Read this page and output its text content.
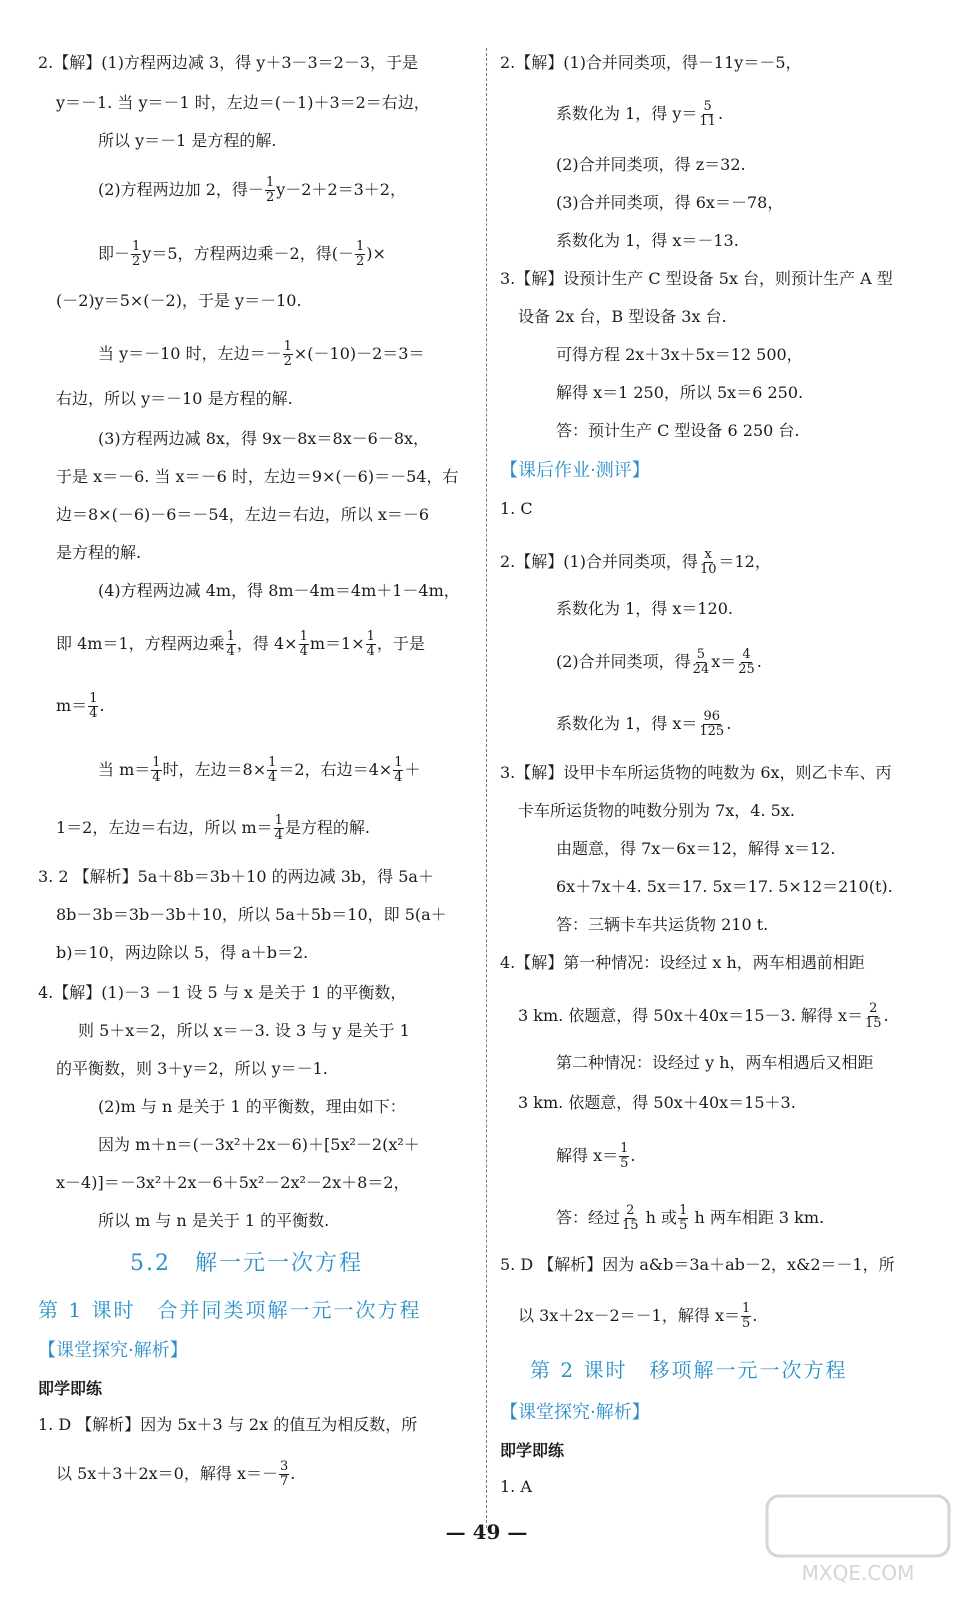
2.【解】(1)方程两边减 3，得 y＋3－3＝2－3，于是
y＝－1. 当 y＝－1 时，左边＝(－1)＋3＝2＝右边，
所以 y＝－1 是方程的解.
(2)方程两边加 2，得－ $\frac{1}{2} y-2+2=3+2$，
即－ $\frac{1}{2} y=5$，方程两边乘－2，得(－ $\frac{1}{2}$ )×
(－2)y＝5×(－2)，于是 y＝－10.
当 y＝－10 时，左边＝－ $\frac{1}{2} \times(-10)-2=3=$
右边，所以 y＝－10 是方程的解.
(3)方程两边减 8x，得 9x－8x＝8x－6－8x，
于是 x＝－6. 当 x＝－6 时，左边＝9×(－6)＝－54，右
边＝8×(－6)－6＝－54，左边＝右边，所以 x＝－6
是方程的解.
(4)方程两边减 4m，得 8m－4m＝4m＋1－4m，
即 4m＝1，方程两边乘 $\frac{1}{4}$ ，得 $4\times \frac{1}{4} m=1\times \frac{1}{4}$ ，于是
$m= \frac{1}{4}$ .
当 $m= \frac{1}{4}$ 时，左边$=8\times \frac{1}{4} =2$，右边$=4\times \frac{1}{4}$ ＋
1＝2，左边＝右边，所以 $m= \frac{1}{4}$ 是方程的解.
3. 2 【解析】5a＋8b＝3b＋10 的两边减 3b，得 5a＋
8b－3b＝3b－3b＋10，所以 5a＋5b＝10，即 5(a＋
b)＝10，两边除以 5，得 a＋b＝2.
4.【解】(1)－3 －1 设 5 与 x 是关于 1 的平衡数，
则 5＋x＝2，所以 x＝－3. 设 3 与 y 是关于 1
的平衡数，则 3＋y＝2，所以 y＝－1.
(2)m 与 n 是关于 1 的平衡数，理由如下：
因为 m＋n＝(－3x²＋2x－6)＋[5x²－2(x²＋
x－4)]＝－3x²＋2x－6＋5x²－2x²－2x＋8＝2，
所以 m 与 n 是关于 1 的平衡数.
5.2　解一元一次方程
第 1 课时　合并同类项解一元一次方程
【课堂探究·解析】
即学即练
1. D 【解析】因为 5x＋3 与 2x 的值互为相反数，所
以 5x＋3＋2x＝0，解得 $x=- \frac{3}{7}$ .
2.【解】(1)合并同类项，得－11y＝－5，
系数化为 1，得 $y= \frac{5}{11}$ .
(2)合并同类项，得 z＝32.
(3)合并同类项，得 6x＝－78，
系数化为 1，得 x＝－13.
3.【解】设预计生产 C 型设备 5x 台，则预计生产 A 型
设备 2x 台，B 型设备 3x 台.
可得方程 2x＋3x＋5x＝12 500，
解得 x＝1 250，所以 5x＝6 250.
答：预计生产 C 型设备 6 250 台.
【课后作业·测评】
1. C
2.【解】(1)合并同类项，得 $\frac{x}{10} =12$，
系数化为 1，得 x＝120.
(2)合并同类项，得 $\frac{5}{24} x= \frac{4}{25}$ .
系数化为 1，得 $x= \frac{96}{125}$ .
3.【解】设甲卡车所运货物的吨数为 6x，则乙卡车、丙
卡车所运货物的吨数分别为 7x，4. 5x.
由题意，得 7x－6x＝12，解得 x＝12.
6x＋7x＋4. 5x＝17. 5x＝17. 5×12＝210(t).
答：三辆卡车共运货物 210 t.
4.【解】第一种情况：设经过 x h，两车相遇前相距
3 km. 依题意，得 50x＋40x＝15－3. 解得 $x= \frac{2}{15}$ .
第二种情况：设经过 y h，两车相遇后又相距
3 km. 依题意，得 50x＋40x＝15＋3.
解得 $x= \frac{1}{5}$ .
答：经过 $\frac{2}{15}$ h 或 $\frac{1}{5}$ h 两车相距 3 km.
5. D 【解析】因为 a&b＝3a＋ab－2，x&2＝－1，所
以 3x＋2x－2＝－1，解得 $x= \frac{1}{5}$ .
第 2 课时　移项解一元一次方程
【课堂探究·解析】
即学即练
1. A
— 49 —
MXQE.COM
